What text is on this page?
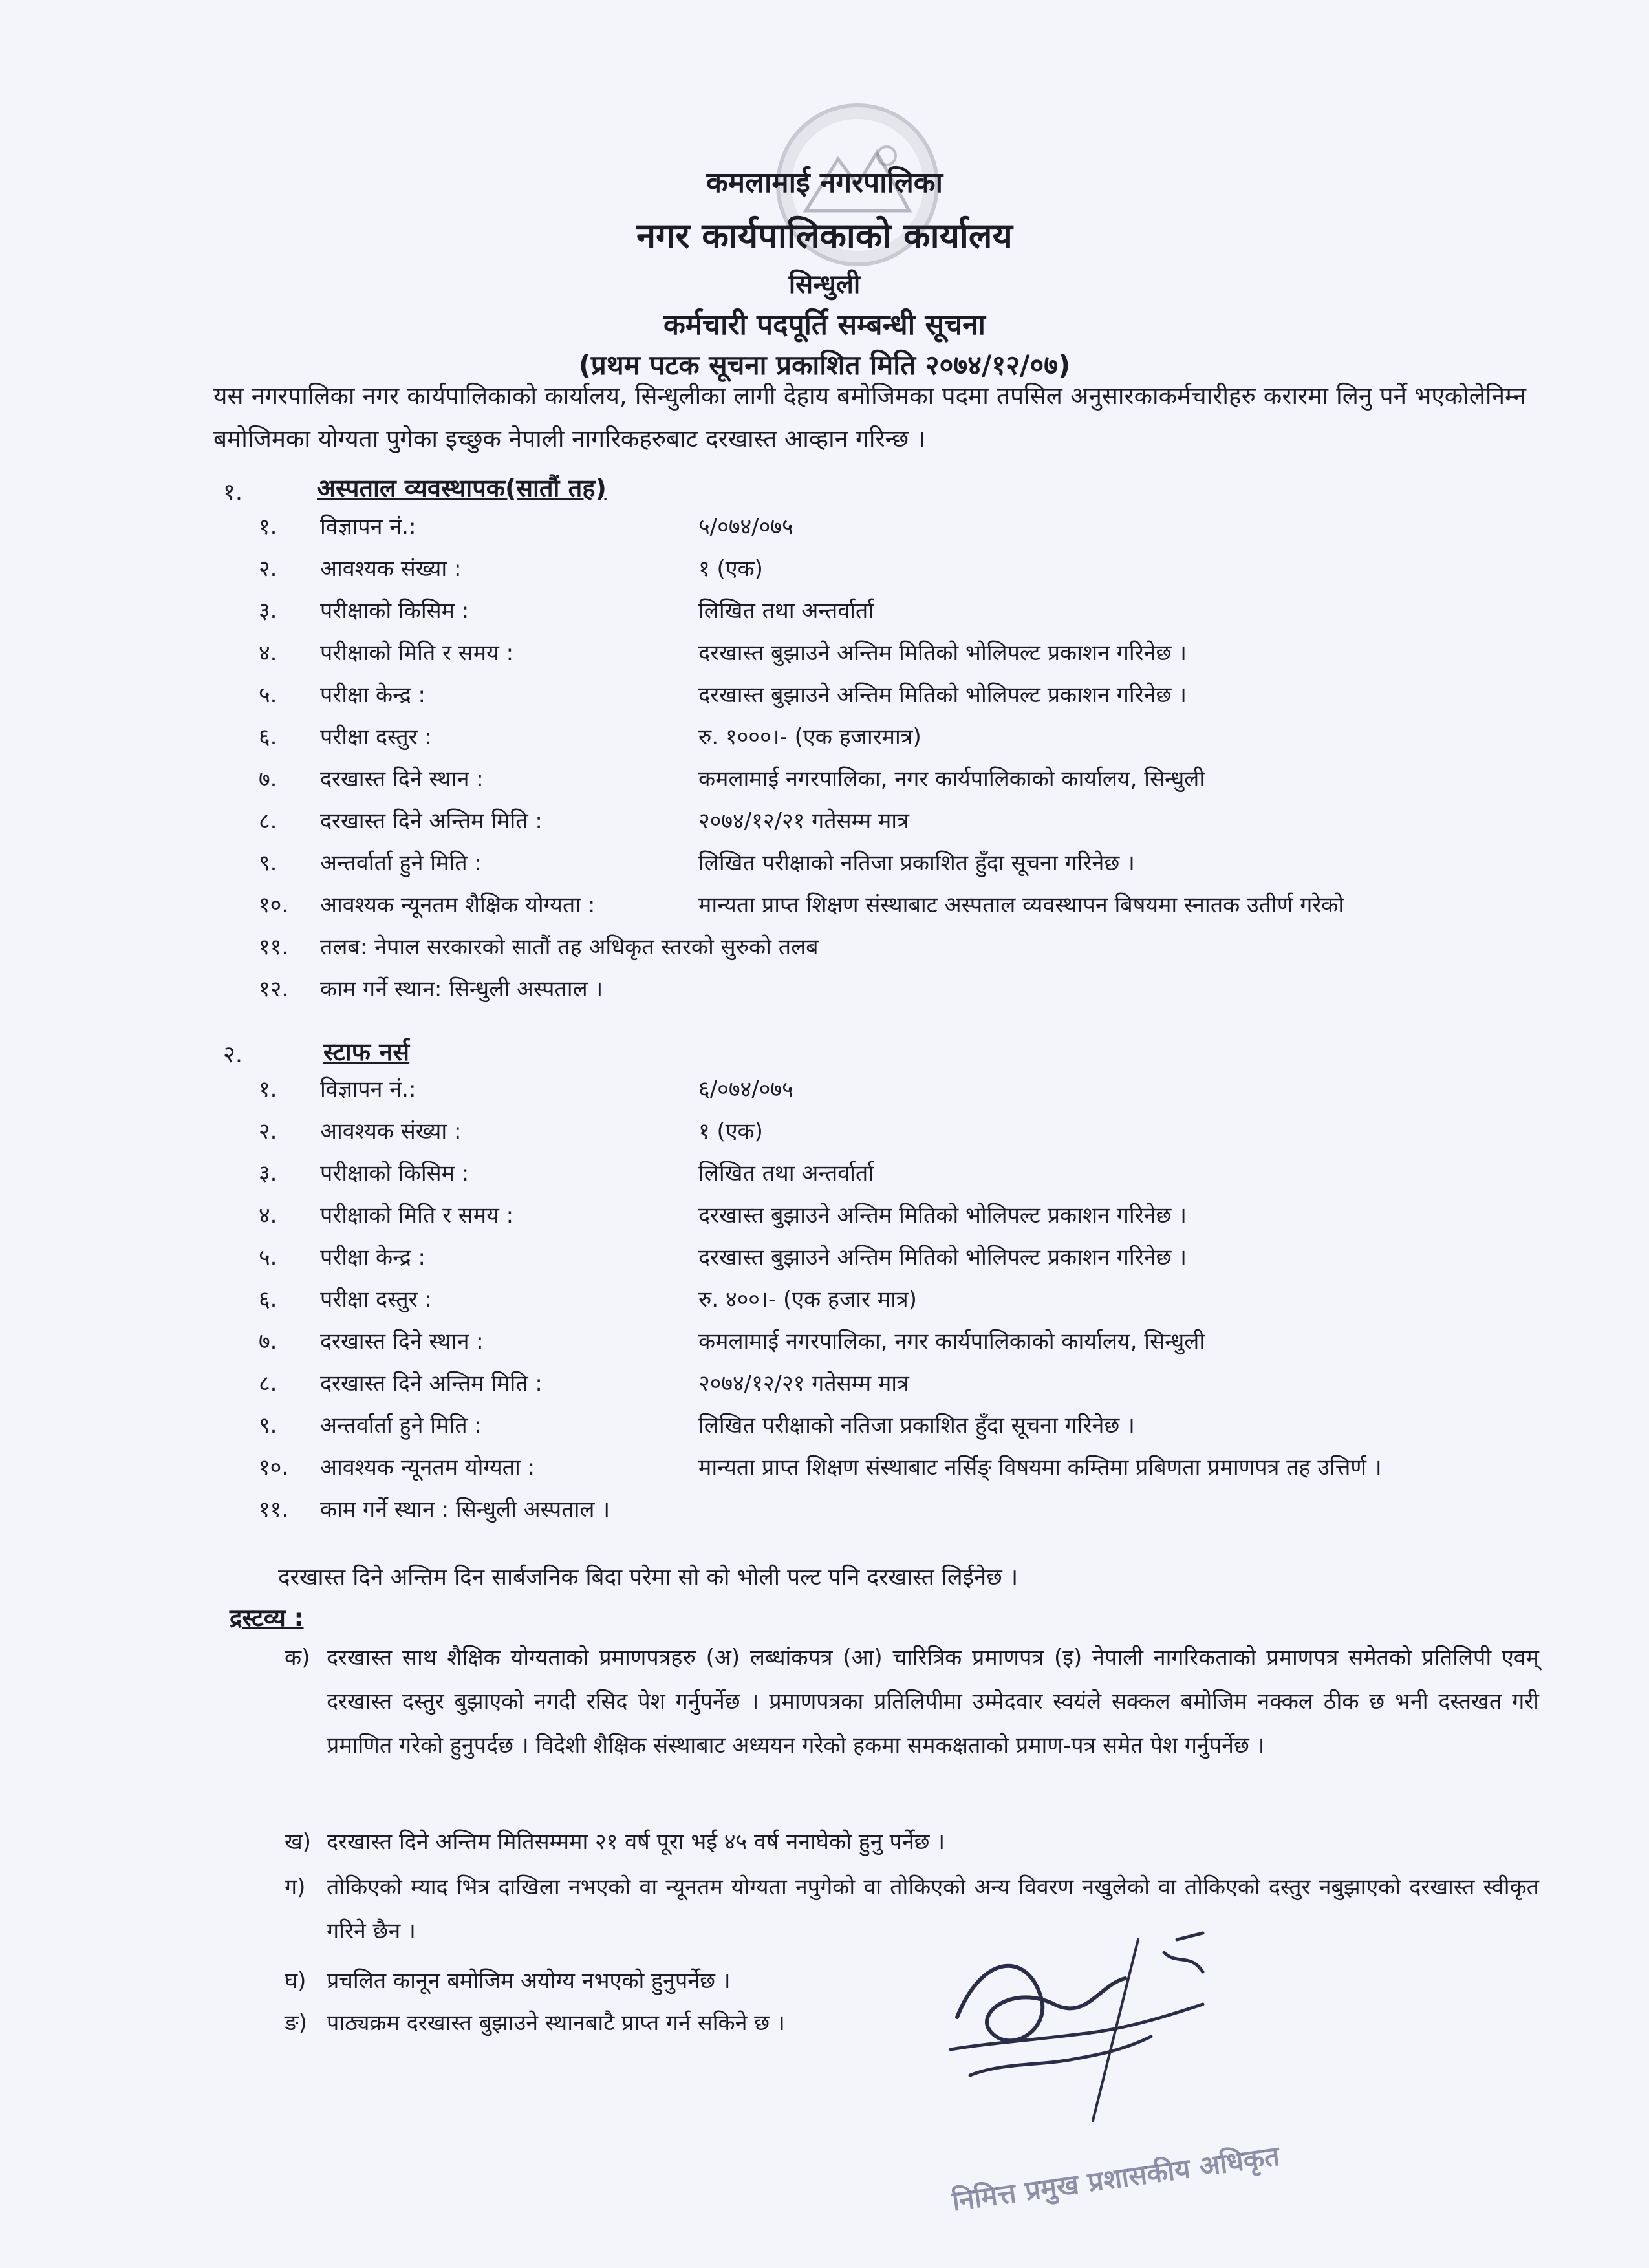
कमलामाई नगरपालिका
नगर कार्यपालिकाको कार्यालय
सिन्धुली
कर्मचारी पदपूर्ति सम्बन्धी सूचना
(प्रथम पटक सूचना प्रकाशित मिति २०७४/१२/०७)
यस नगरपालिका नगर कार्यपालिकाको कार्यालय, सिन्धुलीका लागी देहाय बमोजिमका पदमा तपसिल अनुसारकाकर्मचारीहरु करारमा लिनु पर्ने भएकोलेनिम्न बमोजिमका योग्यता पुगेका इच्छुक नेपाली नागरिकहरुबाट दरखास्त आव्हान गरिन्छ ।
१.	अस्पताल व्यवस्थापक(सातौं तह)
१.	विज्ञापन नं.:	५/०७४/०७५
२.	आवश्यक संख्या :	१ (एक)
३.	परीक्षाको किसिम :	लिखित तथा अन्तर्वार्ता
४.	परीक्षाको मिति र समय :	दरखास्त बुझाउने अन्तिम मितिको भोलिपल्ट प्रकाशन गरिनेछ ।
५.	परीक्षा केन्द्र :	दरखास्त बुझाउने अन्तिम मितिको भोलिपल्ट प्रकाशन गरिनेछ ।
६.	परीक्षा दस्तुर :	रु. १०००।- (एक हजारमात्र)
७.	दरखास्त दिने स्थान :	कमलामाई नगरपालिका, नगर कार्यपालिकाको कार्यालय, सिन्धुली
८.	दरखास्त दिने अन्तिम मिति :	२०७४/१२/२१ गतेसम्म मात्र
९.	अन्तर्वार्ता हुने मिति :	लिखित परीक्षाको नतिजा प्रकाशित हुँदा सूचना गरिनेछ ।
१०.	आवश्यक न्यूनतम शैक्षिक योग्यता :	मान्यता प्राप्त शिक्षण संस्थाबाट अस्पताल व्यवस्थापन बिषयमा स्नातक उतीर्ण गरेको
११.	तलब: नेपाल सरकारको सातौं तह अधिकृत स्तरको सुरुको तलब
१२.	काम गर्ने स्थान: सिन्धुली अस्पताल ।
२.	स्टाफ नर्स
१.	विज्ञापन नं.:	६/०७४/०७५
२.	आवश्यक संख्या :	१ (एक)
३.	परीक्षाको किसिम :	लिखित तथा अन्तर्वार्ता
४.	परीक्षाको मिति र समय :	दरखास्त बुझाउने अन्तिम मितिको भोलिपल्ट प्रकाशन गरिनेछ ।
५.	परीक्षा केन्द्र :	दरखास्त बुझाउने अन्तिम मितिको भोलिपल्ट प्रकाशन गरिनेछ ।
६.	परीक्षा दस्तुर :	रु. ४००।- (एक हजार मात्र)
७.	दरखास्त दिने स्थान :	कमलामाई नगरपालिका, नगर कार्यपालिकाको कार्यालय, सिन्धुली
८.	दरखास्त दिने अन्तिम मिति :	२०७४/१२/२१ गतेसम्म मात्र
९.	अन्तर्वार्ता हुने मिति :	लिखित परीक्षाको नतिजा प्रकाशित हुँदा सूचना गरिनेछ ।
१०.	आवश्यक न्यूनतम योग्यता :	मान्यता प्राप्त शिक्षण संस्थाबाट नर्सिङ् विषयमा कम्तिमा प्रबिणता प्रमाणपत्र तह उत्तिर्ण ।
११.	काम गर्ने स्थान : सिन्धुली अस्पताल ।
दरखास्त दिने अन्तिम दिन सार्बजनिक बिदा परेमा सो को भोली पल्ट पनि दरखास्त लिईनेछ ।
द्रस्टव्य :
क) दरखास्त साथ शैक्षिक योग्यताको प्रमाणपत्रहरु (अ) लब्धांकपत्र (आ) चारित्रिक प्रमाणपत्र (इ) नेपाली नागरिकताको प्रमाणपत्र समेतको प्रतिलिपी एवम् दरखास्त दस्तुर बुझाएको नगदी रसिद पेश गर्नुपर्नेछ । प्रमाणपत्रका प्रतिलिपीमा उम्मेदवार स्वयंले सक्कल बमोजिम नक्कल ठीक छ भनी दस्तखत गरी प्रमाणित गरेको हुनुपर्दछ । विदेशी शैक्षिक संस्थाबाट अध्ययन गरेको हकमा समकक्षताको प्रमाण-पत्र समेत पेश गर्नुपर्नेछ ।
ख) दरखास्त दिने अन्तिम मितिसम्ममा २१ वर्ष पूरा भई ४५ वर्ष ननाघेको हुनु पर्नेछ ।
ग) तोकिएको म्याद भित्र दाखिला नभएको वा न्यूनतम योग्यता नपुगेको वा तोकिएको अन्य विवरण नखुलेको वा तोकिएको दस्तुर नबुझाएको दरखास्त स्वीकृत गरिने छैन ।
घ) प्रचलित कानून बमोजिम अयोग्य नभएको हुनुपर्नेछ ।
ङ) पाठ्यक्रम दरखास्त बुझाउने स्थानबाटै प्राप्त गर्न सकिने छ ।
निमित्त प्रमुख प्रशासकीय अधिकृत
